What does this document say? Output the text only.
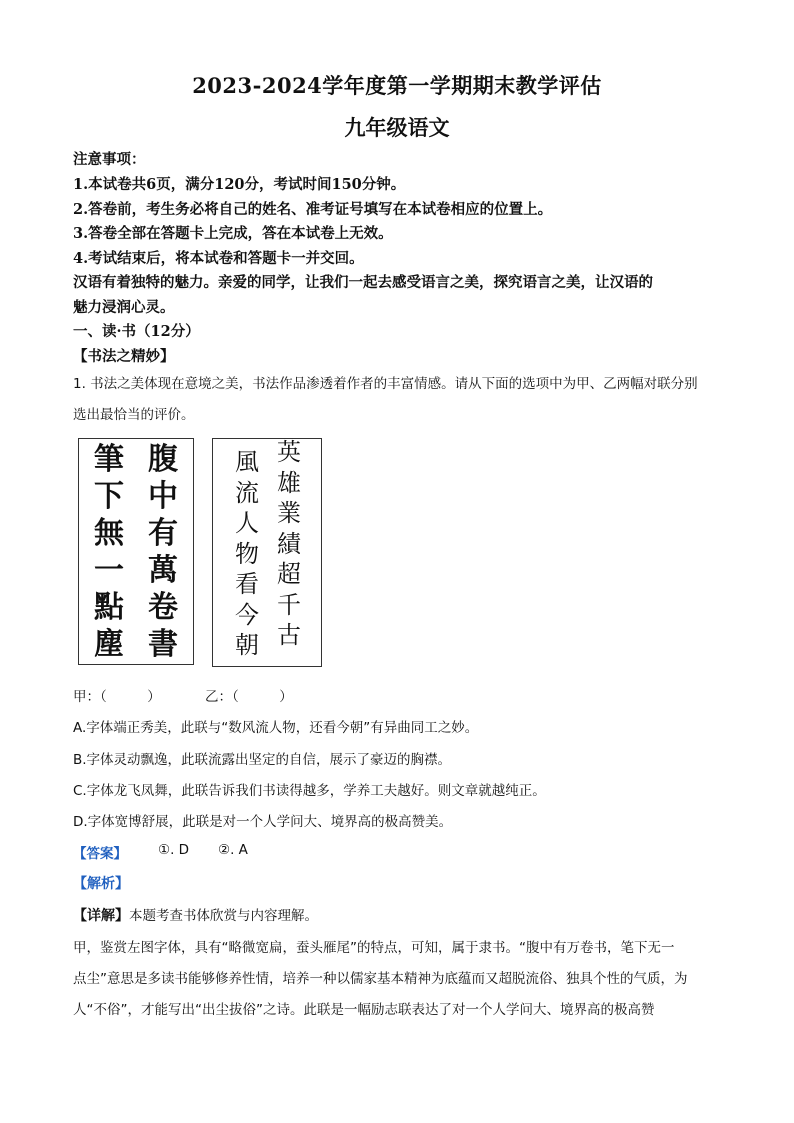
2023-2024学年度第一学期期末教学评估
九年级语文
注意事项：
1.本试卷共6页，满分120分，考试时间150分钟。
2.答卷前，考生务必将自己的姓名、准考证号填写在本试卷相应的位置上。
3.答卷全部在答题卡上完成，答在本试卷上无效。
4.考试结束后，将本试卷和答题卡一并交回。
汉语有着独特的魅力。亲爱的同学，让我们一起去感受语言之美，探究语言之美，让汉语的
魅力浸润心灵。
一、读·书（12分）
【书法之精妙】
1. 书法之美体现在意境之美，书法作品渗透着作者的丰富情感。请从下面的选项中为甲、乙两幅对联分别
选出最恰当的评价。
筆
下
無
一
點
塵
腹
中
有
萬
卷
書
風
流
人
物
看
今
朝
英
雄
業
績
超
千
古
甲：（　　　）	乙：（　　　）
A.字体端正秀美，此联与“数风流人物，还看今朝”有异曲同工之妙。
B.字体灵动飘逸，此联流露出坚定的自信，展示了豪迈的胸襟。
C.字体龙飞凤舞，此联告诉我们书读得越多，学养工夫越好。则文章就越纯正。
D.字体宽博舒展，此联是对一个人学问大、境界高的极高赞美。
【答案】 ①. D ②. A
【解析】
【详解】本题考查书体欣赏与内容理解。
甲，鉴赏左图字体，具有“略微宽扁，蚕头雁尾”的特点，可知，属于隶书。“腹中有万卷书，笔下无一
点尘”意思是多读书能够修养性情，培养一种以儒家基本精神为底蕴而又超脱流俗、独具个性的气质，为
人“不俗”，才能写出“出尘拔俗”之诗。此联是一幅励志联表达了对一个人学问大、境界高的极高赞
